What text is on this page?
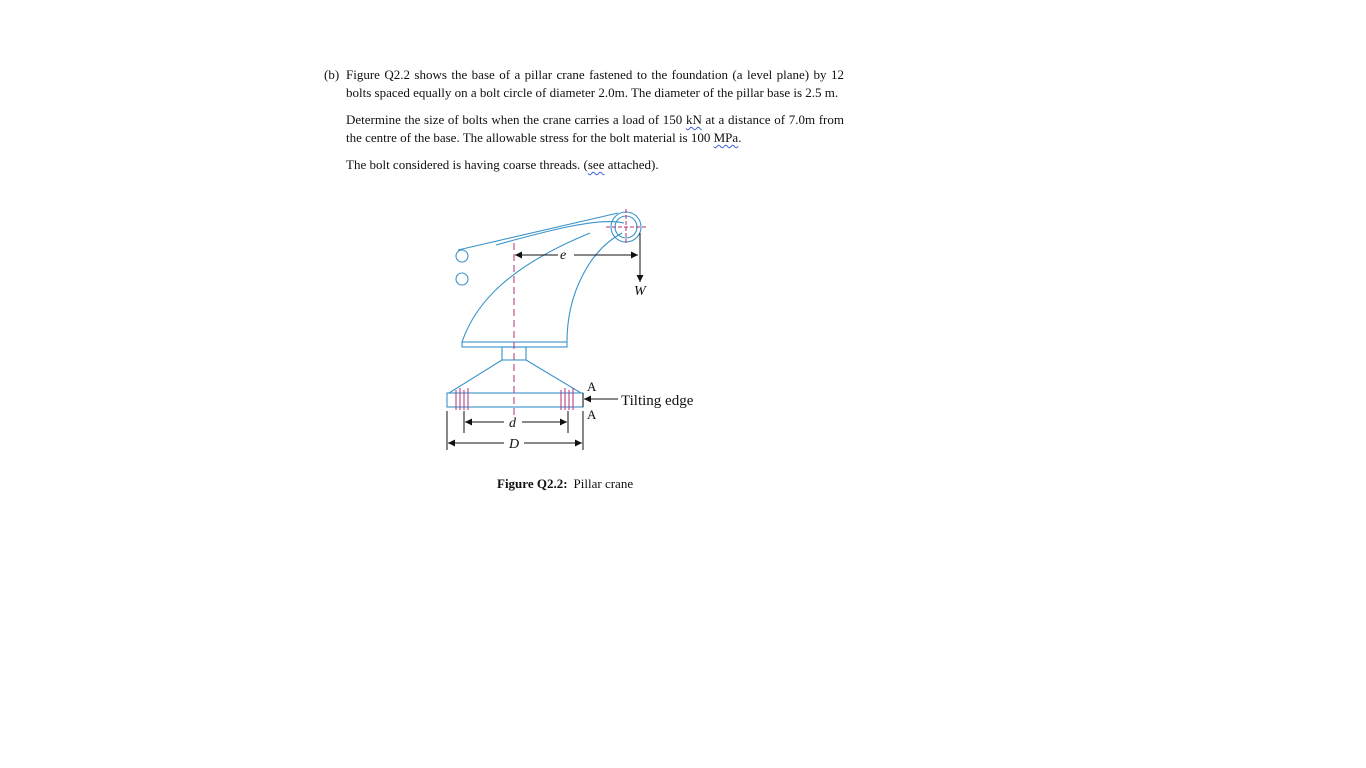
(b) Figure Q2.2 shows the base of a pillar crane fastened to the foundation (a level plane) by 12 bolts spaced equally on a bolt circle of diameter 2.0m. The diameter of the pillar base is 2.5 m.

Determine the size of bolts when the crane carries a load of 150 kN at a distance of 7.0m from the centre of the base. The allowable stress for the bolt material is 100 MPa.

The bolt considered is having coarse threads. (see attached).

e
W
A
A
Tilting edge
d
D
Figure Q2.2: Pillar crane
